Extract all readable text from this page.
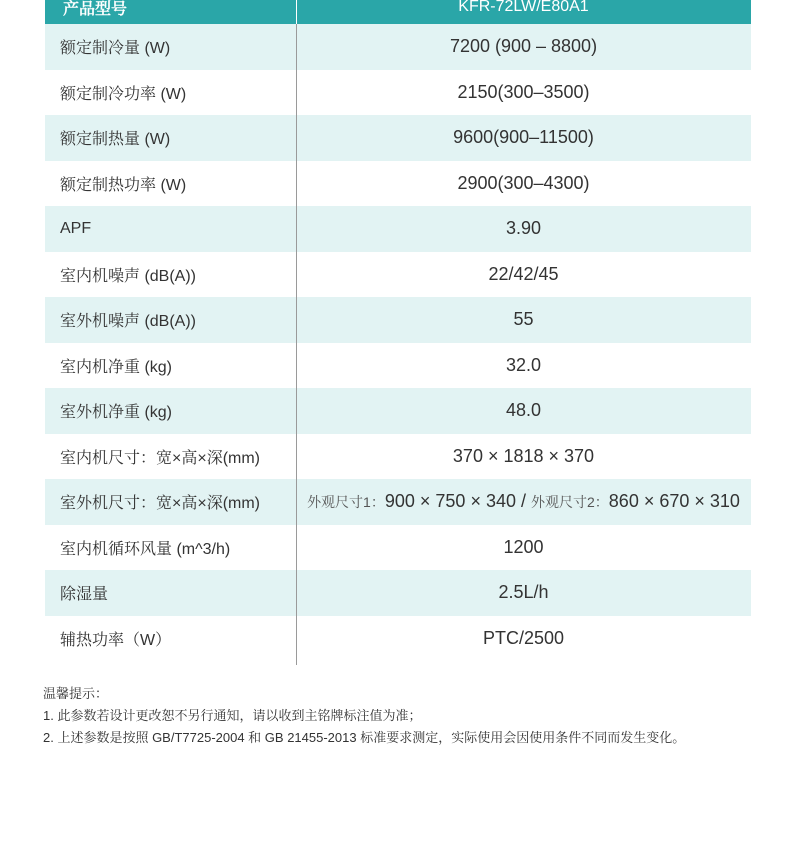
产品型号	KFR-72LW/E80A1
额定制冷量 (W)	7200 (900 – 8800)
额定制冷功率 (W)	2150(300–3500)
额定制热量 (W)	9600(900–11500)
额定制热功率 (W)	2900(300–4300)
APF	3.90
室内机噪声 (dB(A))	22/42/45
室外机噪声 (dB(A))	55
室内机净重 (kg)	32.0
室外机净重 (kg)	48.0
室内机尺寸：宽×高×深(mm)	370 × 1818 × 370
室外机尺寸：宽×高×深(mm)	外观尺寸1：900 × 750 × 340 / 外观尺寸2：860 × 670 × 310
室内机循环风量 (m^3/h)	1200
除湿量	2.5L/h
辅热功率（W）	PTC/2500
温馨提示：
1. 此参数若设计更改恕不另行通知，请以收到主铭牌标注值为准；
2. 上述参数是按照 GB/T7725-2004 和 GB 21455-2013 标准要求测定，实际使用会因使用条件不同而发生变化。
